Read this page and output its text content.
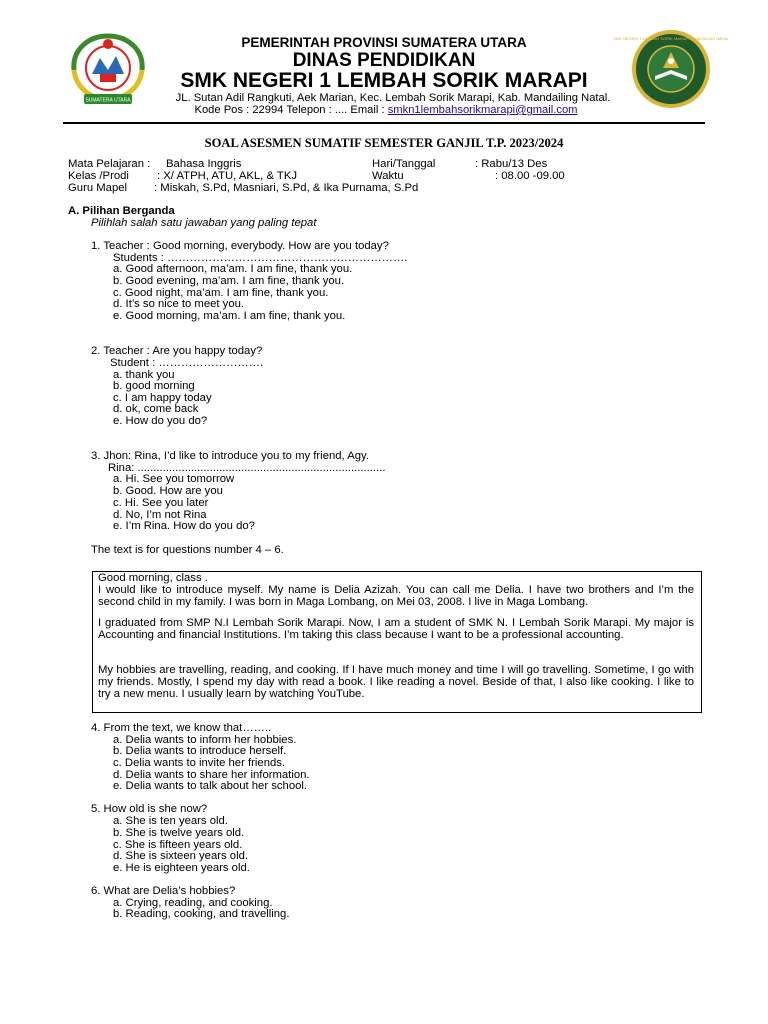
SUMATERA UTARA
SMK NEGERI 1 LEMBAH SORIK MARAPI MANDAILING NATAL
PEMERINTAH PROVINSI SUMATERA UTARA
DINAS PENDIDIKAN
SMK NEGERI 1 LEMBAH SORIK MARAPI
JL. Sutan Adil Rangkuti, Aek Marian, Kec. Lembah Sorik Marapi, Kab. Mandailing Natal.
Kode Pos : 22994 Telepon : .... Email : smkn1lembahsorikmarapi@gmail.com
SOAL ASESMEN SUMATIF SEMESTER GANJIL T.P. 2023/2024
Mata Pelajaran : Bahasa Inggris
Kelas /Prodi : X/ ATPH, ATU, AKL, & TKJ
Guru Mapel : Miskah, S.Pd, Masniari, S.Pd, & Ika Purnama, S.Pd
Hari/Tanggal	: Rabu/13 Des
Waktu	: 08.00 -09.00
A. Pilihan Berganda
Pilihlah salah satu jawaban yang paling tepat
1. Teacher : Good morning, everybody. How are you today?
Students : ……………………………………………………….
a. Good afternoon, ma’am. I am fine, thank you.
b. Good evening, ma’am. I am fine, thank you.
c. Good night, ma’am. I am fine, thank you.
d. It’s so nice to meet you.
e. Good morning, ma’am. I am fine, thank you.
2. Teacher : Are you happy today?
Student : ……………………….
a. thank you
b. good morning
c. I am happy today
d. ok, come back
e. How do you do?
3. Jhon: Rina, I’d like to introduce you to my friend, Agy.
Rina: ...............................................................................
a. Hi. See you tomorrow
b. Good. How are you
c. Hi. See you later
d. No, I’m not Rina
e. I’m Rina. How do you do?
The text is for questions number 4 – 6.
Good morning, class .
I would like to introduce myself. My name is Delia Azizah. You can call me Delia. I have two brothers and I’m the second child in my family. I was born in Maga Lombang, on Mei 03, 2008. I live in Maga Lombang.
I graduated from SMP N.I Lembah Sorik Marapi. Now, I am a student of SMK N. I Lembah Sorik Marapi. My major is Accounting and financial Institutions. I’m taking this class because I want to be a professional accounting.
My hobbies are travelling, reading, and cooking. If I have much money and time I will go travelling. Sometime, I go with my friends. Mostly, I spend my day with read a book. I like reading a novel. Beside of that, I also like cooking. I like to try a new menu. I usually learn by watching YouTube.
4. From the text, we know that……..
a. Delia wants to inform her hobbies.
b. Delia wants to introduce herself.
c. Delia wants to invite her friends.
d. Delia wants to share her information.
e. Delia wants to talk about her school.
5. How old is she now?
a. She is ten years old.
b. She is twelve years old.
c. She is fifteen years old.
d. She is sixteen years old.
e. He is eighteen years old.
6. What are Delia’s hobbies?
a. Crying, reading, and cooking.
b. Reading, cooking, and travelling.
